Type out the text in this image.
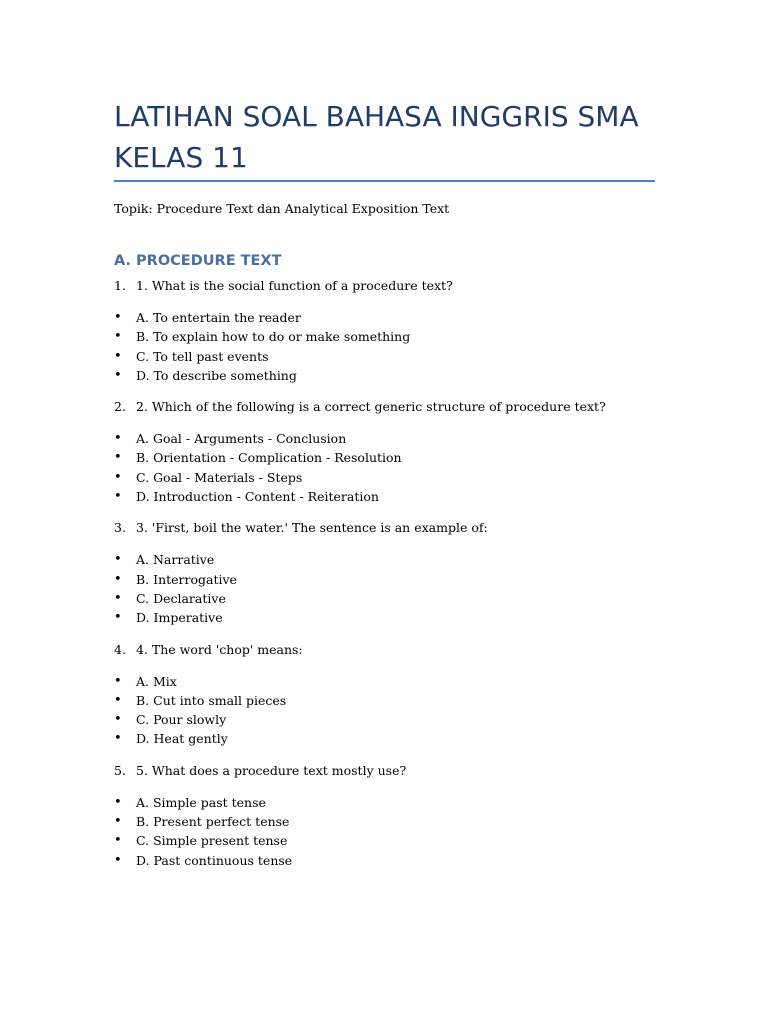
LATIHAN SOAL BAHASA INGGRIS SMA
KELAS 11
Topik: Procedure Text dan Analytical Exposition Text
A. PROCEDURE TEXT
1. 1. What is the social function of a procedure text?
• A. To entertain the reader
• B. To explain how to do or make something
• C. To tell past events
• D. To describe something
2. 2. Which of the following is a correct generic structure of procedure text?
• A. Goal - Arguments - Conclusion
• B. Orientation - Complication - Resolution
• C. Goal - Materials - Steps
• D. Introduction - Content - Reiteration
3. 3. 'First, boil the water.' The sentence is an example of:
• A. Narrative
• B. Interrogative
• C. Declarative
• D. Imperative
4. 4. The word 'chop' means:
• A. Mix
• B. Cut into small pieces
• C. Pour slowly
• D. Heat gently
5. 5. What does a procedure text mostly use?
• A. Simple past tense
• B. Present perfect tense
• C. Simple present tense
• D. Past continuous tense
